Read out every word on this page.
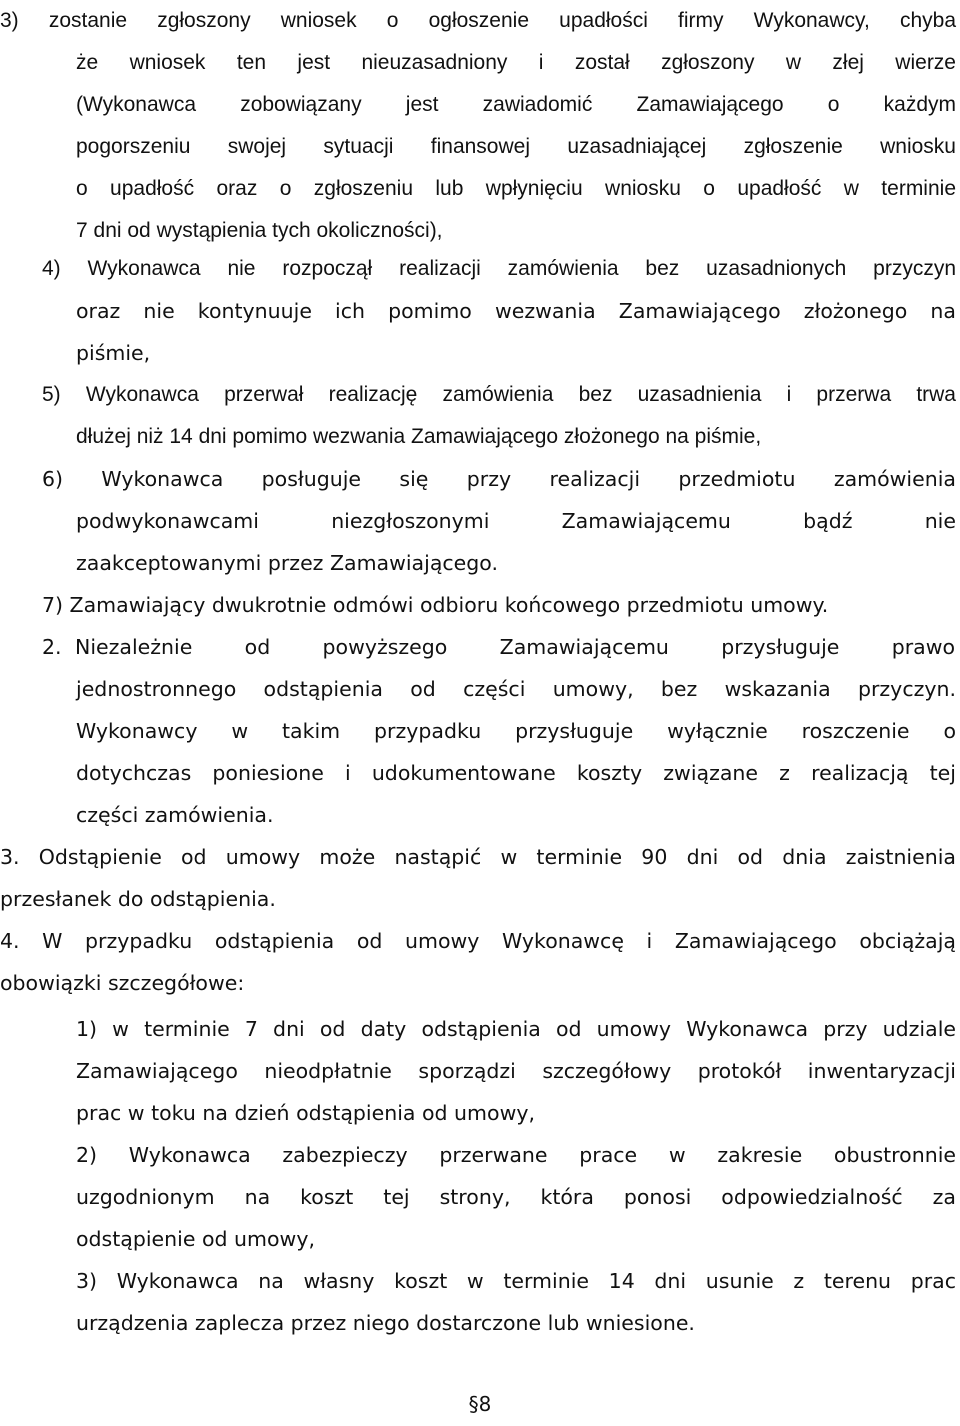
3) zostanie zgłoszony wniosek o ogłoszenie upadłości firmy Wykonawcy, chyba
że wniosek ten jest nieuzasadniony i został zgłoszony w złej wierze
(Wykonawca zobowiązany jest zawiadomić Zamawiającego o każdym
pogorszeniu swojej sytuacji finansowej uzasadniającej zgłoszenie wniosku
o upadłość oraz o zgłoszeniu lub wpłynięciu wniosku o upadłość w terminie
7 dni od wystąpienia tych okoliczności),
4) Wykonawca nie rozpoczął realizacji zamówienia bez uzasadnionych przyczyn
oraz nie kontynuuje ich pomimo wezwania Zamawiającego złożonego na
piśmie,
5) Wykonawca przerwał realizację zamówienia bez uzasadnienia i przerwa trwa
dłużej niż 14 dni pomimo wezwania Zamawiającego złożonego na piśmie,
6) Wykonawca posługuje się przy realizacji przedmiotu zamówienia
podwykonawcami niezgłoszonymi Zamawiającemu bądź nie
zaakceptowanymi przez Zamawiającego.
7) Zamawiający dwukrotnie odmówi odbioru końcowego przedmiotu umowy.
2. Niezależnie od powyższego Zamawiającemu przysługuje prawo
jednostronnego odstąpienia od części umowy, bez wskazania przyczyn.
Wykonawcy w takim przypadku przysługuje wyłącznie roszczenie o
dotychczas poniesione i udokumentowane koszty związane z realizacją tej
części zamówienia.
3. Odstąpienie od umowy może nastąpić w terminie 90 dni od dnia zaistnienia
przesłanek do odstąpienia.
4. W przypadku odstąpienia od umowy Wykonawcę i Zamawiającego obciążają
obowiązki szczegółowe:
1) w terminie 7 dni od daty odstąpienia od umowy Wykonawca przy udziale
Zamawiającego nieodpłatnie sporządzi szczegółowy protokół inwentaryzacji
prac w toku na dzień odstąpienia od umowy,
2) Wykonawca zabezpieczy przerwane prace w zakresie obustronnie
uzgodnionym na koszt tej strony, która ponosi odpowiedzialność za
odstąpienie od umowy,
3) Wykonawca na własny koszt w terminie 14 dni usunie z terenu prac
urządzenia zaplecza przez niego dostarczone lub wniesione.
§8
